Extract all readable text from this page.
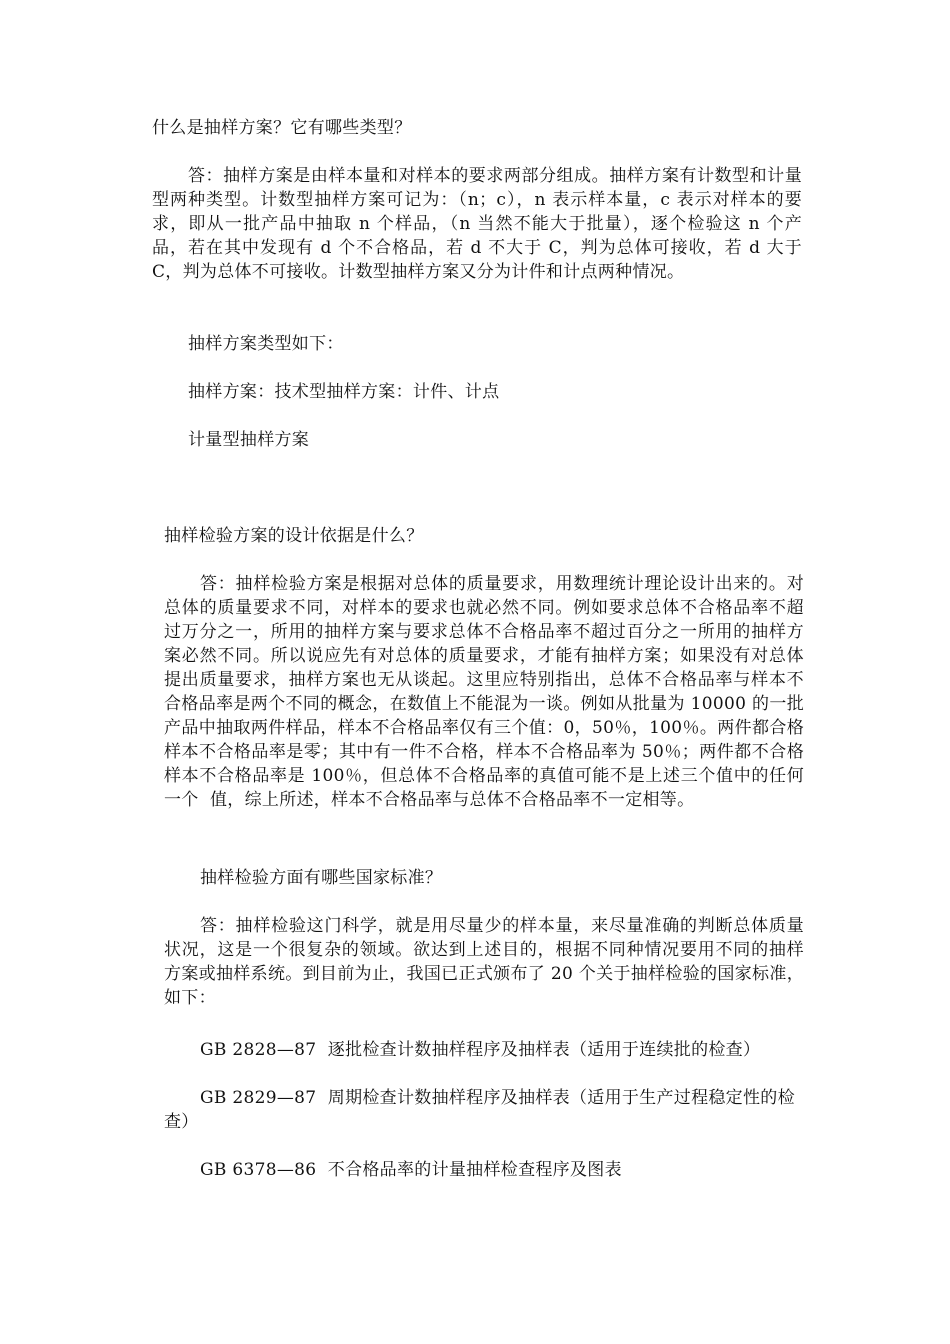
什么是抽样方案？它有哪些类型？

答：抽样方案是由样本量和对样本的要求两部分组成。抽样方案有计数型和计量型两种类型。计数型抽样方案可记为：（n；c），n 表示样本量，c 表示对样本的要求，即从一批产品中抽取 n 个样品，（n 当然不能大于批量），逐个检验这 n 个产品，若在其中发现有 d 个不合格品，若 d 不大于 C，判为总体可接收，若 d 大于 C，判为总体不可接收。计数型抽样方案又分为计件和计点两种情况。

抽样方案类型如下：

抽样方案：技术型抽样方案：计件、计点

计量型抽样方案

抽样检验方案的设计依据是什么？

答：抽样检验方案是根据对总体的质量要求，用数理统计理论设计出来的。对总体的质量要求不同，对样本的要求也就必然不同。例如要求总体不合格品率不超过万分之一，所用的抽样方案与要求总体不合格品率不超过百分之一所用的抽样方案必然不同。所以说应先有对总体的质量要求，才能有抽样方案；如果没有对总体提出质量要求，抽样方案也无从谈起。这里应特别指出，总体不合格品率与样本不合格品率是两个不同的概念，在数值上不能混为一谈。例如从批量为 10000 的一批产品中抽取两件样品，样本不合格品率仅有三个值：0，50％，100％。两件都合格样本不合格品率是零；其中有一件不合格，样本不合格品率为 50％；两件都不合格样本不合格品率是 100％，但总体不合格品率的真值可能不是上述三个值中的任何一个  值，综上所述，样本不合格品率与总体不合格品率不一定相等。

抽样检验方面有哪些国家标准？

答：抽样检验这门科学，就是用尽量少的样本量，来尽量准确的判断总体质量状况，这是一个很复杂的领域。欲达到上述目的，根据不同种情况要用不同的抽样方案或抽样系统。到目前为止，我国已正式颁布了 20 个关于抽样检验的国家标准，如下：

GB 2828—87  逐批检查计数抽样程序及抽样表（适用于连续批的检查）

GB 2829—87  周期检查计数抽样程序及抽样表（适用于生产过程稳定性的检查）

GB 6378—86  不合格品率的计量抽样检查程序及图表
